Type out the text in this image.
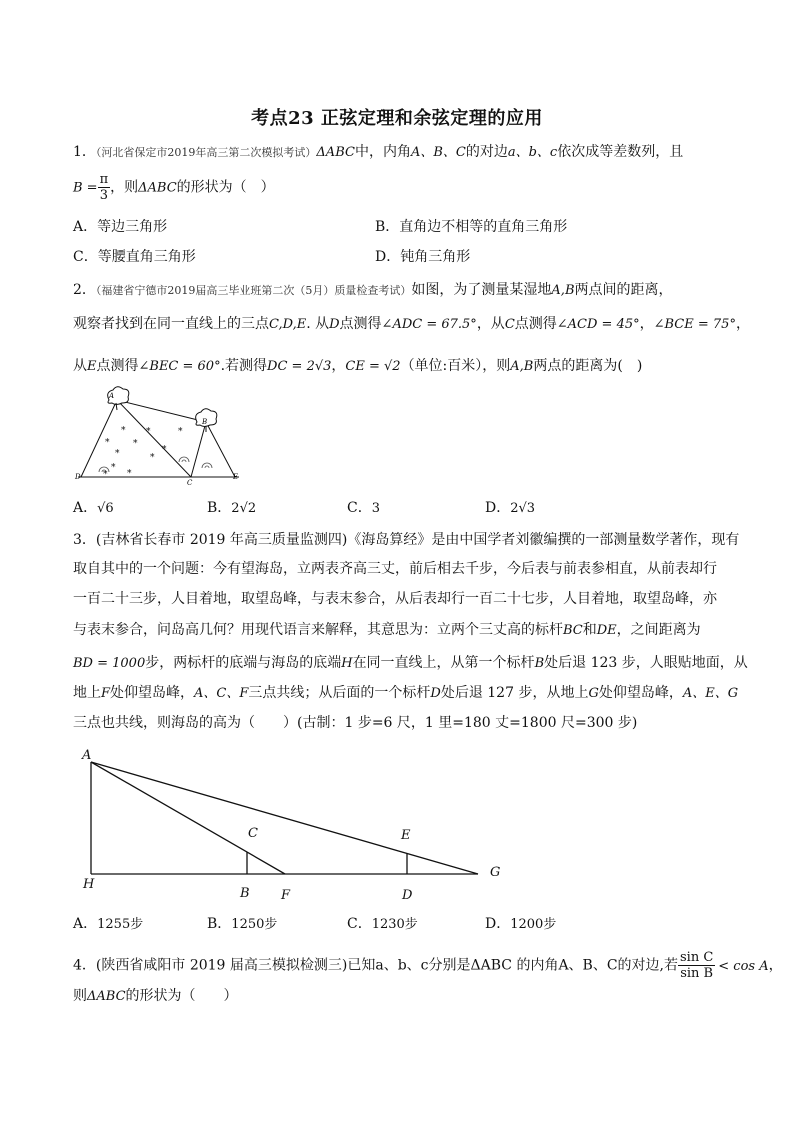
考点23 正弦定理和余弦定理的应用
1．（河北省保定市2019年高三第二次模拟考试）ΔABC中，内角A、B、C的对边a、b、c依次成等差数列，且
$B = \frac{\pi}{3}$ ，则ΔABC的形状为（　）
A．等边三角形	B．直角边不相等的直角三角形
C．等腰直角三角形	D．钝角三角形
2．（福建省宁德市2019届高三毕业班第二次（5月）质量检查考试）如图，为了测量某湿地A,B两点间的距离，
观察者找到在同一直线上的三点C,D,E. 从D点测得∠ADC = 67.5°，从C点测得∠ACD = 45°，∠BCE = 75°，
从E点测得∠BEC = 60°.若测得DC = 2√3，CE = √2（单位:百米），则A,B两点的距离为(　)
* *	*
*	*
*
*	*
*
* *
A
B
C
D	E
A．√6	B．2√2	C．3	D．2√3
3．(吉林省长春市 2019 年高三质量监测四)《海岛算经》是由中国学者刘徽编撰的一部测量数学著作，现有
取自其中的一个问题：今有望海岛，立两表齐高三丈，前后相去千步，今后表与前表参相直，从前表却行
一百二十三步，人目着地，取望岛峰，与表末参合，从后表却行一百二十七步，人目着地，取望岛峰，亦
与表末参合，问岛高几何？用现代语言来解释，其意思为：立两个三丈高的标杆BC和DE，之间距离为
BD = 1000步，两标杆的底端与海岛的底端H在同一直线上，从第一个标杆B处后退 123 步，人眼贴地面，从
地上F处仰望岛峰，A、C、F三点共线；从后面的一个标杆D处后退 127 步，从地上G处仰望岛峰，A、E、G
三点也共线，则海岛的高为（　　）(古制：1 步=6 尺，1 里=180 丈=1800 尺=300 步)
A
C	E
G
H
B F	D
A．1255步	B．1250步	C．1230步	D．1200步
4．(陕西省咸阳市 2019 届高三模拟检测三)已知a、b、c分别是ΔABC 的内角A、B、C的对边,若 $\frac{\text{sin C}}{\text{sin B}} < \cos A$，
则ΔABC的形状为（　　）
